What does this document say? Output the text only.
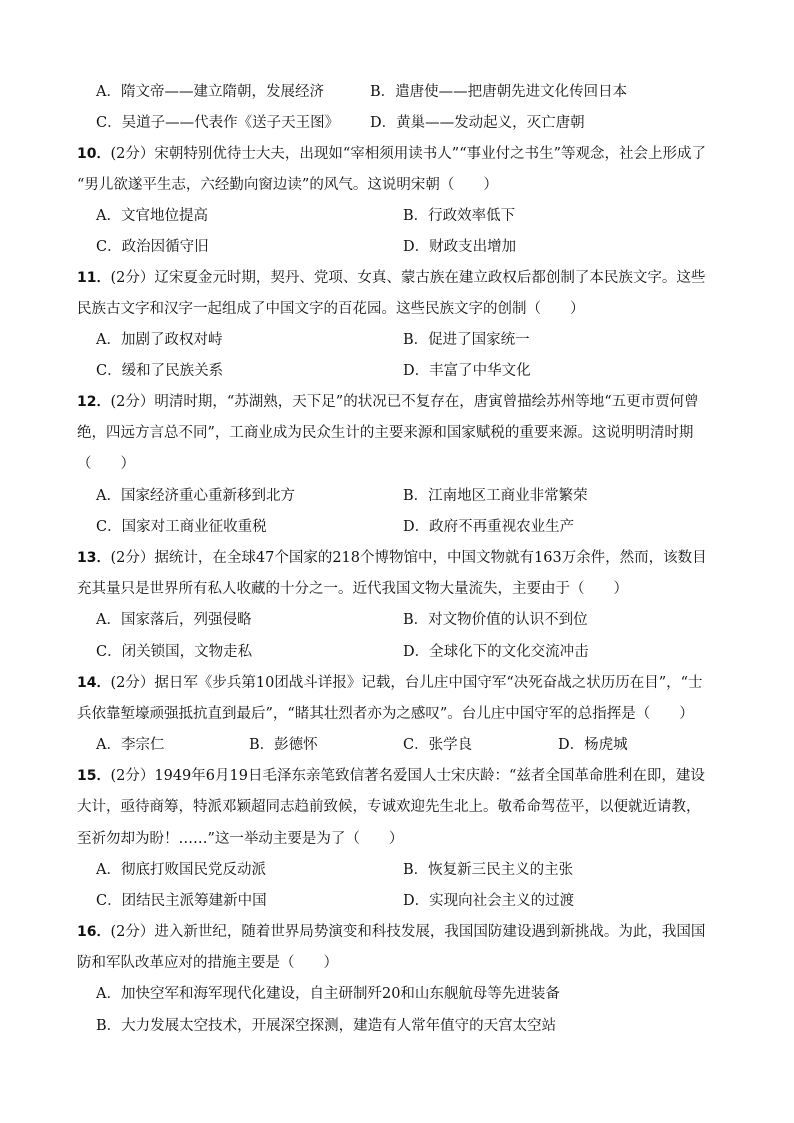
A．隋文帝——建立隋朝，发展经济	B．遣唐使——把唐朝先进文化传回日本
C．吴道子——代表作《送子天王图》 D．黄巢——发动起义，灭亡唐朝
10．(2分）宋朝特别优待士大夫，出现如“宰相须用读书人”“事业付之书生”等观念，社会上形成了
“男儿欲遂平生志，六经勤向窗边读”的风气。这说明宋朝（　　）
A．文官地位提高	B．行政效率低下
C．政治因循守旧	D．财政支出增加
11．(2分）辽宋夏金元时期，契丹、党项、女真、蒙古族在建立政权后都创制了本民族文字。这些
民族古文字和汉字一起组成了中国文字的百花园。这些民族文字的创制（　　）
A．加剧了政权对峙	B．促进了国家统一
C．缓和了民族关系	D．丰富了中华文化
12．(2分）明清时期，“苏湖熟，天下足”的状况已不复存在，唐寅曾描绘苏州等地“五更市贾何曾
绝，四远方言总不同”，工商业成为民众生计的主要来源和国家赋税的重要来源。这说明明清时期
（　　）
A．国家经济重心重新移到北方	B．江南地区工商业非常繁荣
C．国家对工商业征收重税	D．政府不再重视农业生产
13．(2分）据统计，在全球47个国家的218个博物馆中，中国文物就有163万余件，然而，该数目
充其量只是世界所有私人收藏的十分之一。近代我国文物大量流失，主要由于（　　）
A．国家落后，列强侵略	B．对文物价值的认识不到位
C．闭关锁国，文物走私	D．全球化下的文化交流冲击
14．(2分）据日军《步兵第10团战斗详报》记载，台儿庄中国守军“决死奋战之状历历在目”，“士
兵依靠堑壕顽强抵抗直到最后”，“睹其壮烈者亦为之感叹”。台儿庄中国守军的总指挥是（　　）
A．李宗仁	B．彭德怀	C．张学良	D．杨虎城
15．(2分）1949年6月19日毛泽东亲笔致信著名爱国人士宋庆龄：“兹者全国革命胜利在即，建设
大计，亟待商筹，特派邓颖超同志趋前致候，专诚欢迎先生北上。敬希命驾莅平，以便就近请教，
至祈勿却为盼！……”这一举动主要是为了（　　）
A．彻底打败国民党反动派	B．恢复新三民主义的主张
C．团结民主派筹建新中国	D．实现向社会主义的过渡
16．(2分）进入新世纪，随着世界局势演变和科技发展，我国国防建设遇到新挑战。为此，我国国
防和军队改革应对的措施主要是（　　）
A．加快空军和海军现代化建设，自主研制歼20和山东舰航母等先进装备
B．大力发展太空技术，开展深空探测，建造有人常年值守的天宫太空站
